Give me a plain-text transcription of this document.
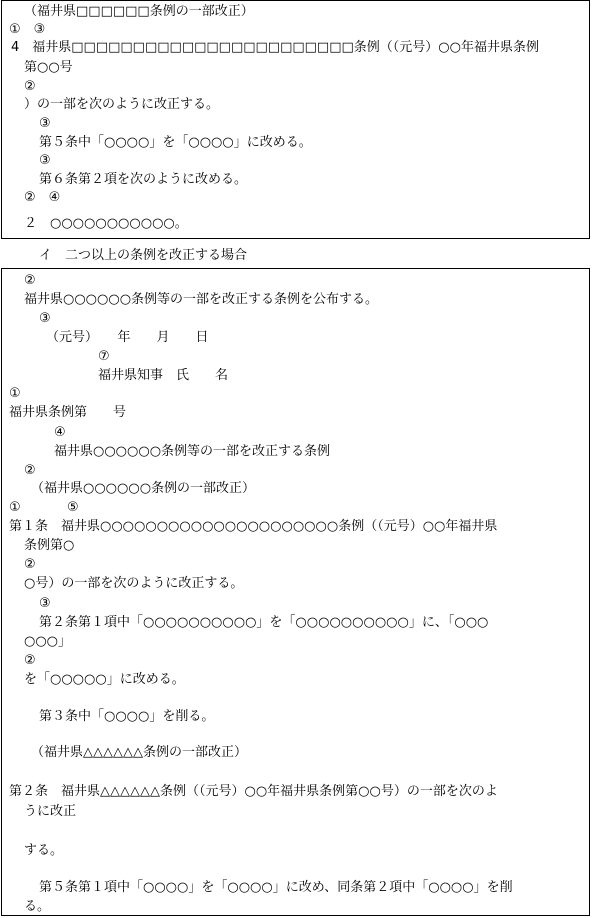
（福井県□□□□□□条例の一部改正）
①　③
4　福井県□□□□□□□□□□□□□□□□□□□□□□□条例（（元号）○○年福井県条例
第○○号
②
）の一部を次のように改正する。
③
第５条中「○○○○」を「○○○○」に改める。
③
第６条第２項を次のように改める。
②　④
２　○○○○○○○○○○○。
イ　二つ以上の条例を改正する場合
②
福井県○○○○○○条例等の一部を改正する条例を公布する。
③
（元号）　　年　　月　　日
⑦
福井県知事　氏　　名
①
福井県条例第　　号
④
福井県○○○○○○条例等の一部を改正する条例
②
（福井県○○○○○○条例の一部改正）
①	⑤
第１条　福井県○○○○○○○○○○○○○○○○○○○○○条例（（元号）○○年福井県
条例第○
②
○号）の一部を次のように改正する。
③
第２条第１項中「○○○○○○○○○○」を「○○○○○○○○○○」に、「○○○
○○○」
②
を「○○○○○」に改める。
第３条中「○○○○」を削る。
（福井県△△△△△△条例の一部改正）
第２条　福井県△△△△△△条例（（元号）○○年福井県条例第○○号）の一部を次のよ
うに改正
する。
第５条第１項中「○○○○」を「○○○○」に改め、同条第２項中「○○○○」を削
る。
